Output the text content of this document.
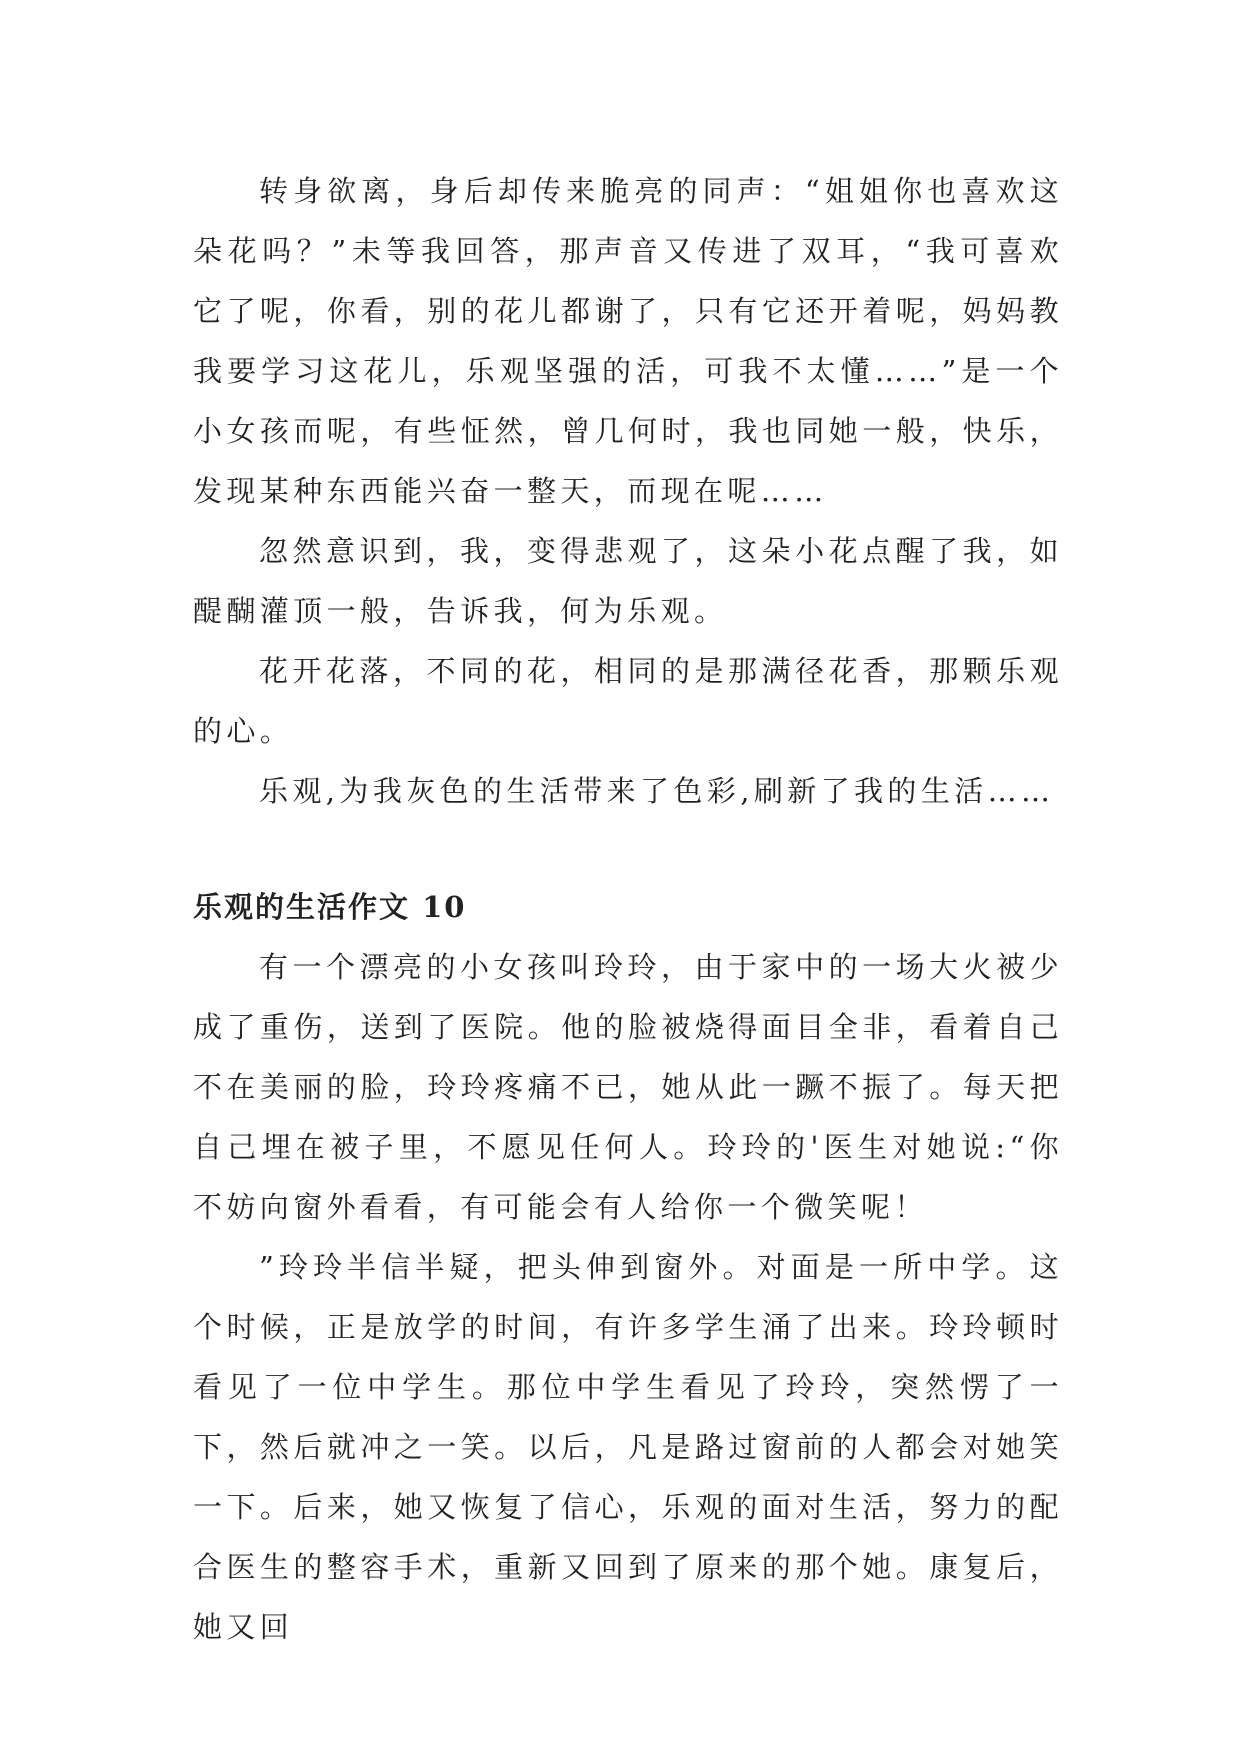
转身欲离，身后却传来脆亮的同声：“姐姐你也喜欢这朵花吗？”未等我回答，那声音又传进了双耳，“我可喜欢它了呢，你看，别的花儿都谢了，只有它还开着呢，妈妈教我要学习这花儿，乐观坚强的活，可我不太懂……”是一个小女孩而呢，有些怔然，曾几何时，我也同她一般，快乐，发现某种东西能兴奋一整天，而现在呢……

忽然意识到，我，变得悲观了，这朵小花点醒了我，如醍醐灌顶一般，告诉我，何为乐观。

花开花落，不同的花，相同的是那满径花香，那颗乐观的心。

乐观,为我灰色的生活带来了色彩,刷新了我的生活……

乐观的生活作文 10

有一个漂亮的小女孩叫玲玲，由于家中的一场大火被少成了重伤，送到了医院。他的脸被烧得面目全非，看着自己不在美丽的脸，玲玲疼痛不已，她从此一蹶不振了。每天把自己埋在被子里，不愿见任何人。玲玲的'医生对她说:“你不妨向窗外看看，有可能会有人给你一个微笑呢！

”玲玲半信半疑，把头伸到窗外。对面是一所中学。这个时候，正是放学的时间，有许多学生涌了出来。玲玲顿时看见了一位中学生。那位中学生看见了玲玲，突然愣了一下，然后就冲之一笑。以后，凡是路过窗前的人都会对她笑一下。后来，她又恢复了信心，乐观的面对生活，努力的配合医生的整容手术，重新又回到了原来的那个她。康复后，她又回
